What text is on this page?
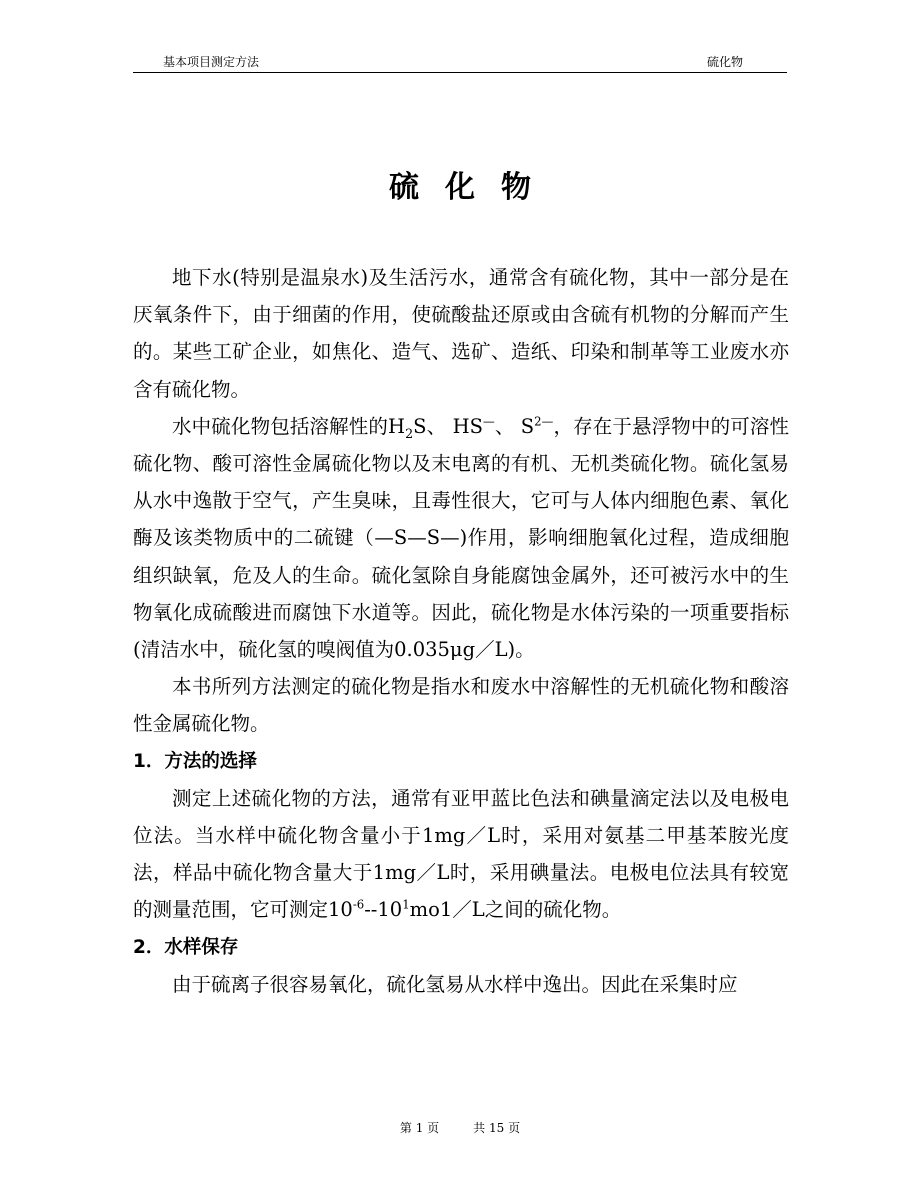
基本项目测定方法	硫化物
硫化物

地下水(特别是温泉水)及生活污水，通常含有硫化物，其中一部分是在厌氧条件下，由于细菌的作用，使硫酸盐还原或由含硫有机物的分解而产生的。某些工矿企业，如焦化、造气、选矿、造纸、印染和制革等工业废水亦含有硫化物。

水中硫化物包括溶解性的$H_2S$、 HS—、 $S^{2—}$，存在于悬浮物中的可溶性硫化物、酸可溶性金属硫化物以及末电离的有机、无机类硫化物。硫化氢易从水中逸散于空气，产生臭味，且毒性很大，它可与人体内细胞色素、氧化酶及该类物质中的二硫键（—S—S—)作用，影响细胞氧化过程，造成细胞组织缺氧，危及人的生命。硫化氢除自身能腐蚀金属外，还可被污水中的生物氧化成硫酸进而腐蚀下水道等。因此，硫化物是水体污染的一项重要指标(清洁水中，硫化氢的嗅阀值为0.035μg／L)。

本书所列方法测定的硫化物是指水和废水中溶解性的无机硫化物和酸溶性金属硫化物。

1．方法的选择

测定上述硫化物的方法，通常有亚甲蓝比色法和碘量滴定法以及电极电位法。当水样中硫化物含量小于1mg／L时，采用对氨基二甲基苯胺光度法，样品中硫化物含量大于1mg／L时，采用碘量法。电极电位法具有较宽的测量范围，它可测定$10^{-6}--10^1mo1/L$之间的硫化物。

2．水样保存

由于硫离子很容易氧化，硫化氢易从水样中逸出。因此在采集时应

第 1 页	共 15 页
